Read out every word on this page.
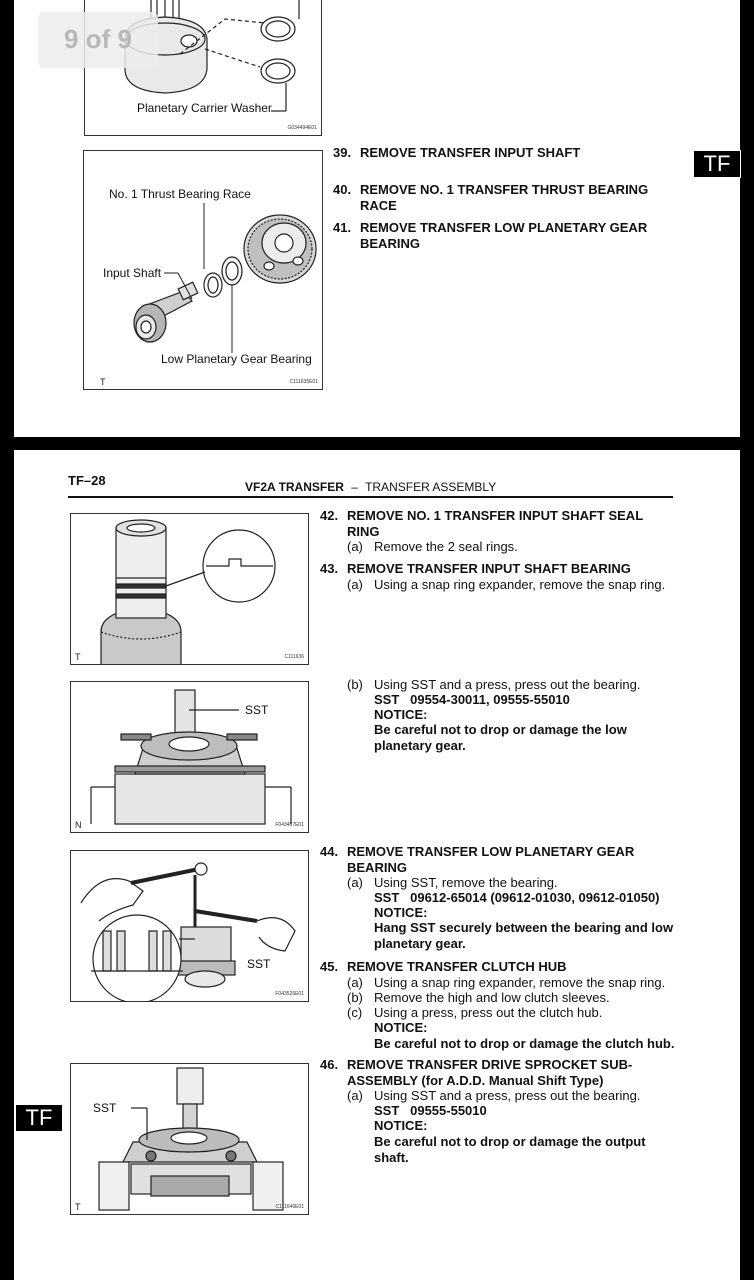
Planetary Carrier Washer
G034494E01
No. 1 Thrust Bearing Race
Input Shaft
Low Planetary Gear Bearing
T	C111635E01
39. REMOVE TRANSFER INPUT SHAFT
40. REMOVE NO. 1 TRANSFER THRUST BEARING RACE
41. REMOVE TRANSFER LOW PLANETARY GEAR BEARING
9 of 9
TF
TF–28	VF2A TRANSFER – TRANSFER ASSEMBLY
T	C111636
SST
N	F043467E01
SST
F043526E01
SST
T	C111646E01
42. REMOVE NO. 1 TRANSFER INPUT SHAFT SEAL RING
(a) Remove the 2 seal rings.
43. REMOVE TRANSFER INPUT SHAFT BEARING
(a) Using a snap ring expander, remove the snap ring.
(b) Using SST and a press, press out the bearing.
SST   09554-30011, 09555-55010
NOTICE:
Be careful not to drop or damage the low planetary gear.
44. REMOVE TRANSFER LOW PLANETARY GEAR BEARING
(a) Using SST, remove the bearing.
SST   09612-65014 (09612-01030, 09612-01050)
NOTICE:
Hang SST securely between the bearing and low planetary gear.
45. REMOVE TRANSFER CLUTCH HUB
(a) Using a snap ring expander, remove the snap ring.
(b) Remove the high and low clutch sleeves.
(c) Using a press, press out the clutch hub.
NOTICE:
Be careful not to drop or damage the clutch hub.
46. REMOVE TRANSFER DRIVE SPROCKET SUB-ASSEMBLY (for A.D.D. Manual Shift Type)
(a) Using SST and a press, press out the bearing.
SST   09555-55010
NOTICE:
Be careful not to drop or damage the output shaft.
TF
